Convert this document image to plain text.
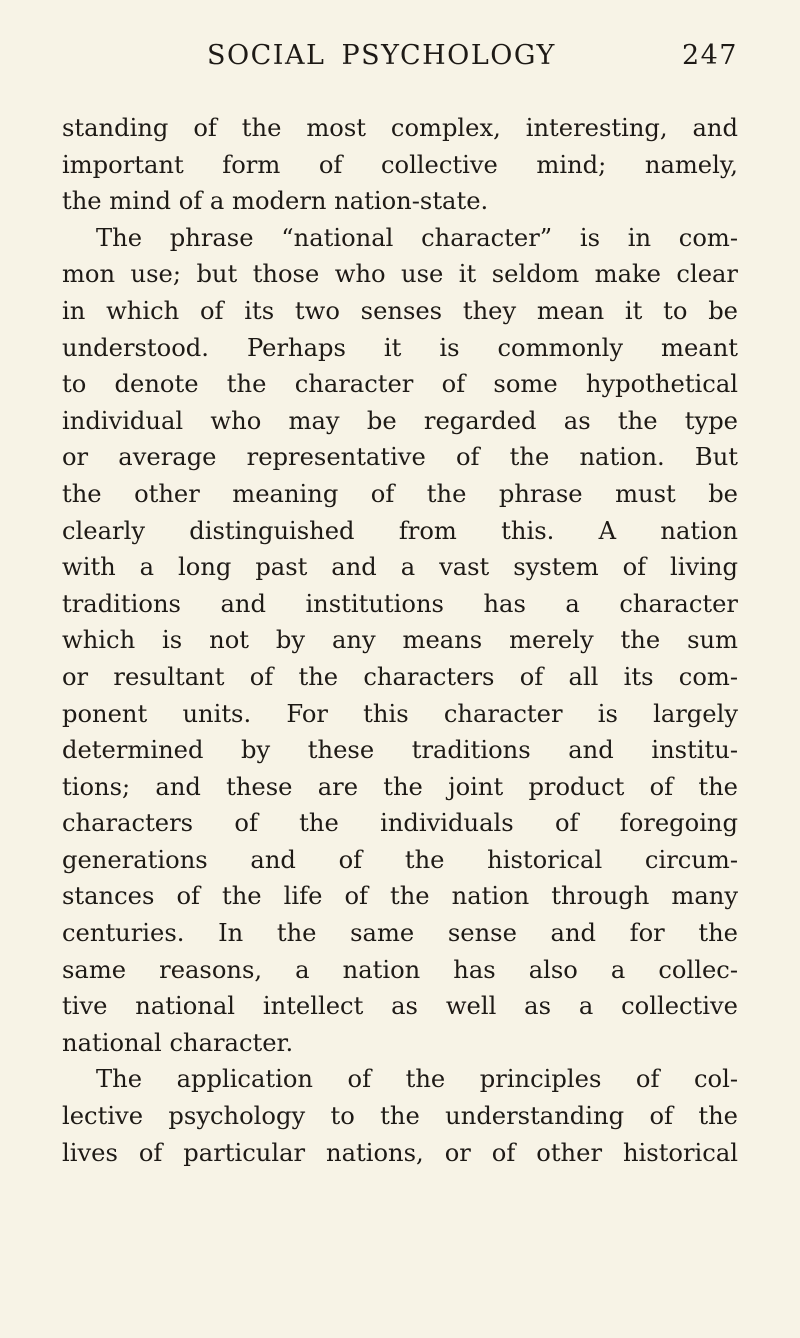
SOCIAL PSYCHOLOGY	247
standing of the most complex, interesting, and
important form of collective mind; namely,
the mind of a modern nation-state.
The phrase “national character” is in com-
mon use; but those who use it seldom make clear
in which of its two senses they mean it to be
understood. Perhaps it is commonly meant
to denote the character of some hypothetical
individual who may be regarded as the type
or average representative of the nation. But
the other meaning of the phrase must be
clearly distinguished from this. A nation
with a long past and a vast system of living
traditions and institutions has a character
which is not by any means merely the sum
or resultant of the characters of all its com-
ponent units. For this character is largely
determined by these traditions and institu-
tions; and these are the joint product of the
characters of the individuals of foregoing
generations and of the historical circum-
stances of the life of the nation through many
centuries. In the same sense and for the
same reasons, a nation has also a collec-
tive national intellect as well as a collective
national character.
The application of the principles of col-
lective psychology to the understanding of the
lives of particular nations, or of other historical
